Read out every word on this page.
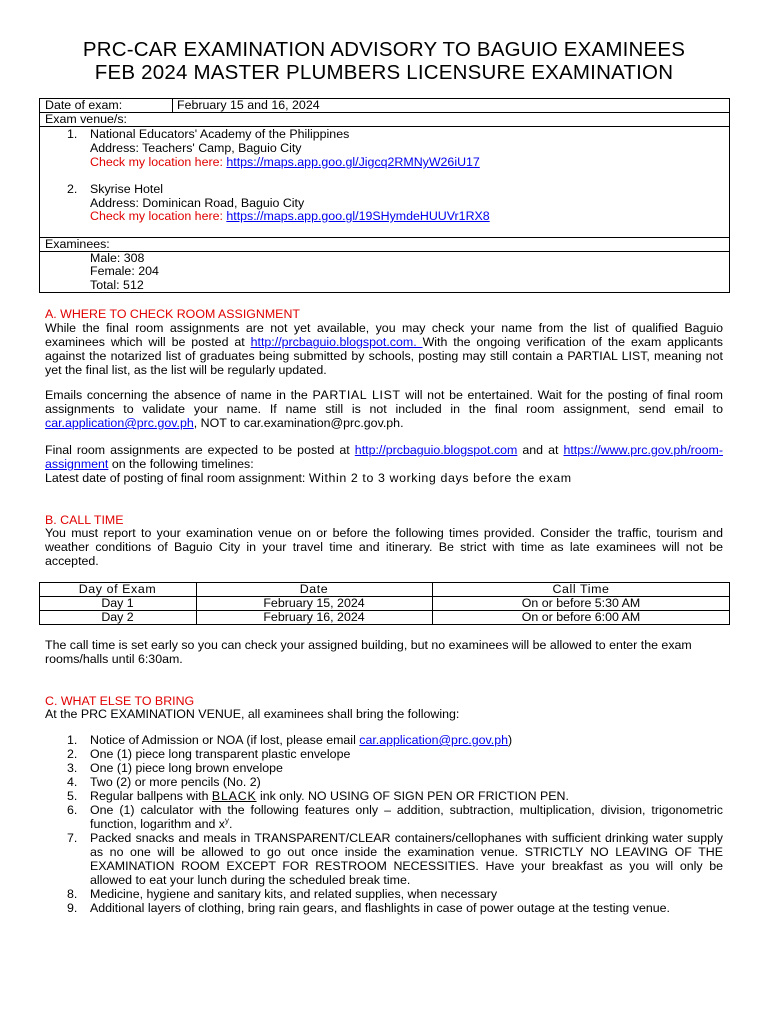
PRC-CAR EXAMINATION ADVISORY TO BAGUIO EXAMINEES
FEB 2024 MASTER PLUMBERS LICENSURE EXAMINATION
Date of exam:	February 15 and 16, 2024
Exam venue/s:
1. National Educators' Academy of the Philippines
Address: Teachers' Camp, Baguio City
Check my location here: https://maps.app.goo.gl/Jigcq2RMNyW26iU17
2. Skyrise Hotel
Address: Dominican Road, Baguio City
Check my location here: https://maps.app.goo.gl/19SHymdeHUUVr1RX8
Examinees:
Male: 308
Female: 204
Total: 512
A. WHERE TO CHECK ROOM ASSIGNMENT
While the final room assignments are not yet available, you may check your name from the list of qualified Baguio examinees which will be posted at http://prcbaguio.blogspot.com. With the ongoing verification of the exam applicants against the notarized list of graduates being submitted by schools, posting may still contain a PARTIAL LIST, meaning not yet the final list, as the list will be regularly updated.
Emails concerning the absence of name in the PARTIAL LIST will not be entertained. Wait for the posting of final room assignments to validate your name. If name still is not included in the final room assignment, send email to car.application@prc.gov.ph, NOT to car.examination@prc.gov.ph.
Final room assignments are expected to be posted at http://prcbaguio.blogspot.com and at https://www.prc.gov.ph/room-assignment on the following timelines:
Latest date of posting of final room assignment: Within 2 to 3 working days before the exam
B. CALL TIME
You must report to your examination venue on or before the following times provided. Consider the traffic, tourism and weather conditions of Baguio City in your travel time and itinerary. Be strict with time as late examinees will not be accepted.
Day of Exam	Date	Call Time
Day 1	February 15, 2024	On or before 5:30 AM
Day 2	February 16, 2024	On or before 6:00 AM
The call time is set early so you can check your assigned building, but no examinees will be allowed to enter the exam rooms/halls until 6:30am.
C. WHAT ELSE TO BRING
At the PRC EXAMINATION VENUE, all examinees shall bring the following:
1. Notice of Admission or NOA (if lost, please email car.application@prc.gov.ph)
2. One (1) piece long transparent plastic envelope
3. One (1) piece long brown envelope
4. Two (2) or more pencils (No. 2)
5. Regular ballpens with BLACK ink only. NO USING OF SIGN PEN OR FRICTION PEN.
6. One (1) calculator with the following features only – addition, subtraction, multiplication, division, trigonometric function, logarithm and $x^y$.
7. Packed snacks and meals in TRANSPARENT/CLEAR containers/cellophanes with sufficient drinking water supply as no one will be allowed to go out once inside the examination venue. STRICTLY NO LEAVING OF THE EXAMINATION ROOM EXCEPT FOR RESTROOM NECESSITIES. Have your breakfast as you will only be allowed to eat your lunch during the scheduled break time.
8. Medicine, hygiene and sanitary kits, and related supplies, when necessary
9. Additional layers of clothing, bring rain gears, and flashlights in case of power outage at the testing venue.
